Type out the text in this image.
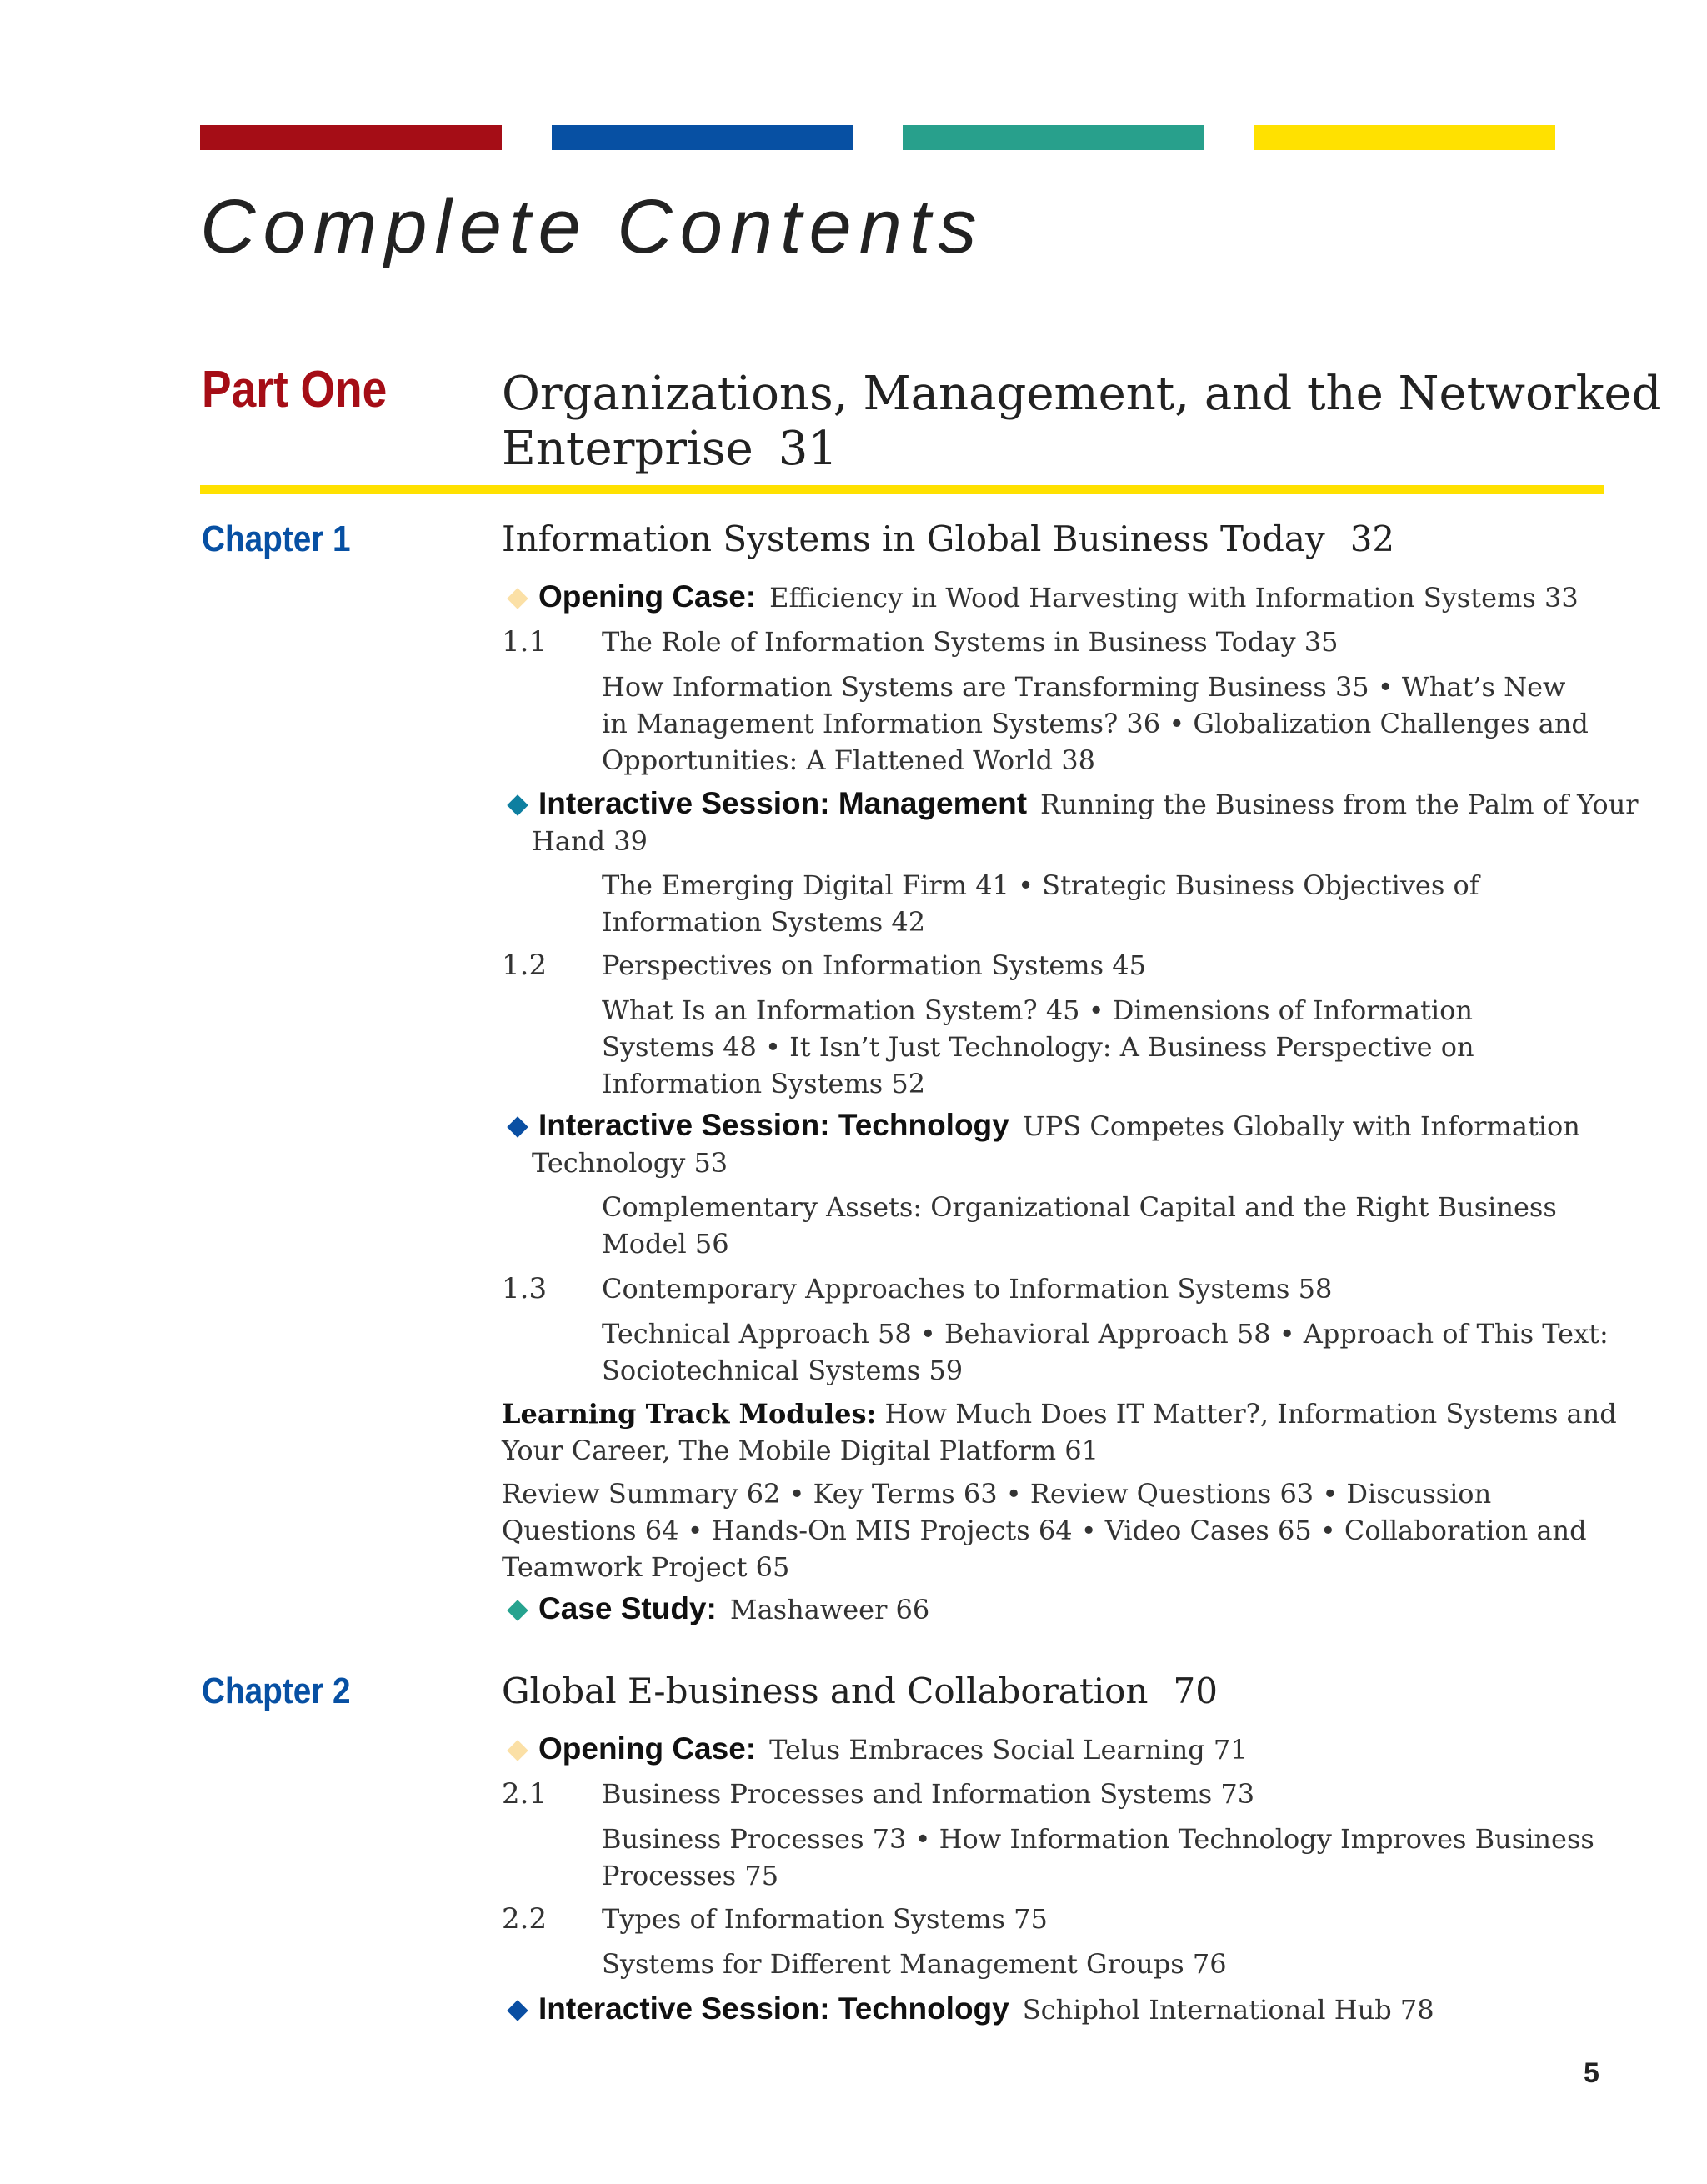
Complete Contents
Part One Organizations, Management, and the Networked
Enterprise 31
Chapter 1	Information Systems in Global Business Today 32
Opening Case: Efficiency in Wood Harvesting with Information Systems 33
1.1 The Role of Information Systems in Business Today 35
How Information Systems are Transforming Business 35 • What’s New
in Management Information Systems? 36 • Globalization Challenges and
Opportunities: A Flattened World 38
Interactive Session: Management Running the Business from the Palm of Your
Hand 39
The Emerging Digital Firm 41 • Strategic Business Objectives of
Information Systems 42
1.2 Perspectives on Information Systems 45
What Is an Information System? 45 • Dimensions of Information
Systems 48 • It Isn’t Just Technology: A Business Perspective on
Information Systems 52
Interactive Session: Technology UPS Competes Globally with Information
Technology 53
Complementary Assets: Organizational Capital and the Right Business
Model 56
1.3 Contemporary Approaches to Information Systems 58
Technical Approach 58 • Behavioral Approach 58 • Approach of This Text:
Sociotechnical Systems 59
Learning Track Modules: How Much Does IT Matter?, Information Systems and
Your Career, The Mobile Digital Platform 61
Review Summary 62 • Key Terms 63 • Review Questions 63 • Discussion
Questions 64 • Hands-On MIS Projects 64 • Video Cases 65 • Collaboration and
Teamwork Project 65
Case Study: Mashaweer 66
Chapter 2	Global E-business and Collaboration 70
Opening Case: Telus Embraces Social Learning 71
2.1 Business Processes and Information Systems 73
Business Processes 73 • How Information Technology Improves Business
Processes 75
2.2 Types of Information Systems 75
Systems for Different Management Groups 76
Interactive Session: Technology Schiphol International Hub 78
5
